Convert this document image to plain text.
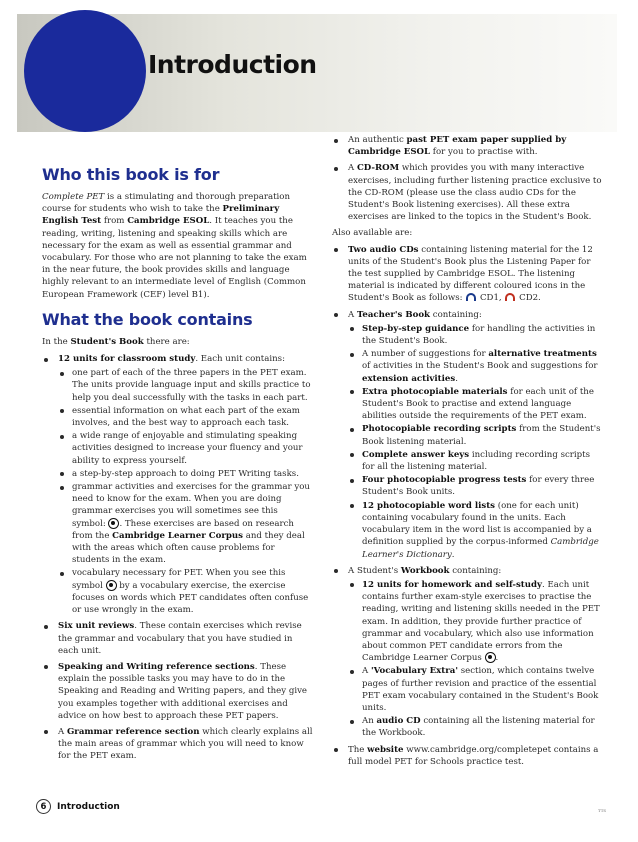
Introduction
Who this book is for

Complete PET is a stimulating and thorough preparation course for students who wish to take the Preliminary English Test from Cambridge ESOL. It teaches you the reading, writing, listening and speaking skills which are necessary for the exam as well as essential grammar and vocabulary. For those who are not planning to take the exam in the near future, the book provides skills and language highly relevant to an intermediate level of English (Common European Framework (CEF) level B1).

What the book contains

In the Student's Book there are:

12 units for classroom study. Each unit contains:
one part of each of the three papers in the PET exam. The units provide language input and skills practice to help you deal successfully with the tasks in each part.
essential information on what each part of the exam involves, and the best way to approach each task.
a wide range of enjoyable and stimulating speaking activities designed to increase your fluency and your ability to express yourself.
a step-by-step approach to doing PET Writing tasks.
grammar activities and exercises for the grammar you need to know for the exam. When you are doing grammar exercises you will sometimes see this symbol: . These exercises are based on research from the Cambridge Learner Corpus and they deal with the areas which often cause problems for students in the exam.
vocabulary necessary for PET. When you see this symbol  by a vocabulary exercise, the exercise focuses on words which PET candidates often confuse or use wrongly in the exam.
Six unit reviews. These contain exercises which revise the grammar and vocabulary that you have studied in each unit.
Speaking and Writing reference sections. These explain the possible tasks you may have to do in the Speaking and Reading and Writing papers, and they give you examples together with additional exercises and advice on how best to approach these PET papers.
A Grammar reference section which clearly explains all the main areas of grammar which you will need to know for the PET exam.
An authentic past PET exam paper supplied by Cambridge ESOL for you to practise with.
A CD-ROM which provides you with many interactive exercises, including further listening practice exclusive to the CD-ROM (please use the class audio CDs for the Student's Book listening exercises). All these extra exercises are linked to the topics in the Student's Book.

Also available are:

Two audio CDs containing listening material for the 12 units of the Student's Book plus the Listening Paper for the test supplied by Cambridge ESOL. The listening material is indicated by different coloured icons in the Student's Book as follows:  CD1,  CD2.
A Teacher's Book containing:
Step-by-step guidance for handling the activities in the Student's Book.
A number of suggestions for alternative treatments of activities in the Student's Book and suggestions for extension activities.
Extra photocopiable materials for each unit of the Student's Book to practise and extend language abilities outside the requirements of the PET exam.
Photocopiable recording scripts from the Student's Book listening material.
Complete answer keys including recording scripts for all the listening material.
Four photocopiable progress tests for every three Student's Book units.
12 photocopiable word lists (one for each unit) containing vocabulary found in the units. Each vocabulary item in the word list is accompanied by a definition supplied by the corpus-informed Cambridge Learner's Dictionary.
A Student's Workbook containing:
12 units for homework and self-study. Each unit contains further exam-style exercises to practise the reading, writing and listening skills needed in the PET exam. In addition, they provide further practice of grammar and vocabulary, which also use information about common PET candidate errors from the Cambridge Learner Corpus .
A 'Vocabulary Extra' section, which contains twelve pages of further revision and practice of the essential PET exam vocabulary contained in the Student's Book units.
An audio CD containing all the listening material for the Workbook.
The website www.cambridge.org/completepet contains a full model PET for Schools practice test.
6 Introduction	TTS
